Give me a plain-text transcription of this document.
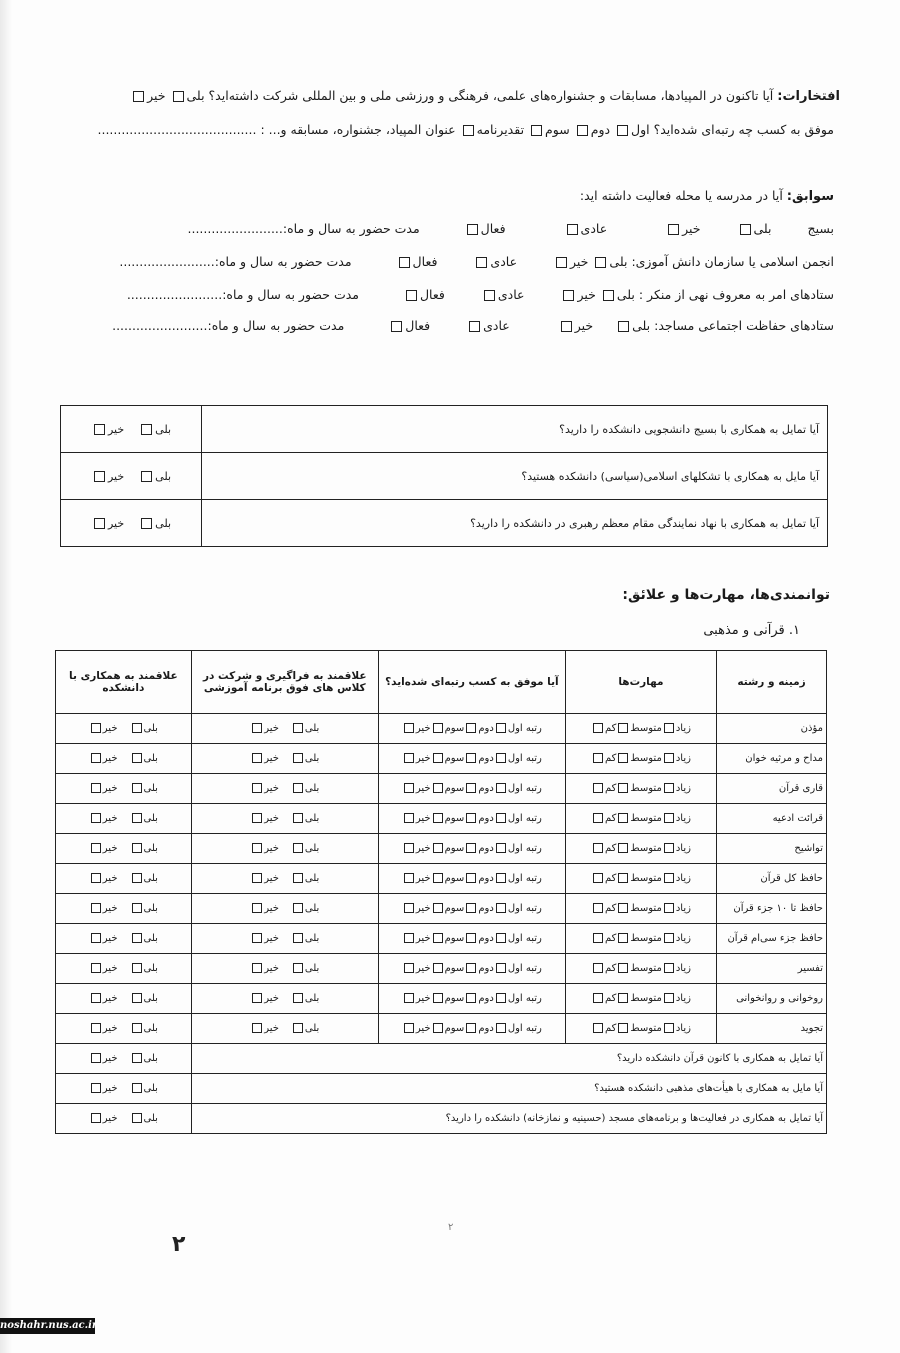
افتخارات: آیا تاکنون در المپیادها، مسابقات و جشنواره‌های علمی، فرهنگی و ورزشی ملی و بین المللی شرکت داشته‌اید؟ بلی خیر
موفق به کسب چه رتبه‌ای شده‌اید؟ اول دوم سوم تقدیرنامه عنوان المپیاد، جشنواره، مسابقه و... : ........................................
سوابق: آیا در مدرسه یا محله فعالیت داشته اید:
بسیج  بلی  خیر  عادی  فعال  مدت حضور به سال و ماه:........................
انجمن اسلامی یا سازمان دانش آموزی: بلی خیر  عادی  فعال  مدت حضور به سال و ماه:........................
ستادهای امر به معروف نهی از منکر : بلی خیر  عادی  فعال  مدت حضور به سال و ماه:........................
ستادهای حفاظت اجتماعی مساجد: بلی  خیر  عادی  فعال  مدت حضور به سال و ماه:........................
آیا تمایل به همکاری با بسیج دانشجویی دانشکده را دارید؟	بلی    خیر
آیا مایل به همکاری با تشکلهای اسلامی(سیاسی) دانشکده هستید؟	بلی    خیر
آیا تمایل به همکاری با نهاد نمایندگی مقام معظم رهبری در دانشکده را دارید؟	بلی    خیر
توانمندی‌ها، مهارت‌ها و علائق:
۱. قرآنی و مذهبی
زمینه و رشته	مهارت‌ها	آیا موفق به کسب رتبه‌ای شده‌اید؟	علاقمند به فراگیری و شرکت در کلاس های فوق برنامه آموزشی	علاقمند به همکاری با دانشکده
مؤذن	زیادمتوسطکم	رتبه اولدومسومخیر	بلیخیر	بلیخیر
مداح و مرثیه خوان	زیادمتوسطکم	رتبه اولدومسومخیر	بلیخیر	بلیخیر
قاری قرآن	زیادمتوسطکم	رتبه اولدومسومخیر	بلیخیر	بلیخیر
قرائت ادعیه	زیادمتوسطکم	رتبه اولدومسومخیر	بلیخیر	بلیخیر
تواشیح	زیادمتوسطکم	رتبه اولدومسومخیر	بلیخیر	بلیخیر
حافظ کل قرآن	زیادمتوسطکم	رتبه اولدومسومخیر	بلیخیر	بلیخیر
حافظ تا ۱۰ جزء قرآن	زیادمتوسطکم	رتبه اولدومسومخیر	بلیخیر	بلیخیر
حافظ جزء سی‌ام قرآن	زیادمتوسطکم	رتبه اولدومسومخیر	بلیخیر	بلیخیر
تفسیر	زیادمتوسطکم	رتبه اولدومسومخیر	بلیخیر	بلیخیر
روخوانی و روانخوانی	زیادمتوسطکم	رتبه اولدومسومخیر	بلیخیر	بلیخیر
تجوید	زیادمتوسطکم	رتبه اولدومسومخیر	بلیخیر	بلیخیر
آیا تمایل به همکاری با کانون قرآن دانشکده دارید؟				بلیخیر
آیا مایل به همکاری با هیأت‌های مذهبی دانشکده هستید؟				بلیخیر
آیا تمایل به همکاری در فعالیت‌ها و برنامه‌های مسجد (حسینیه و نمازخانه) دانشکده را دارید؟				بلیخیر
۲
۲
noshahr.nus.ac.ir
